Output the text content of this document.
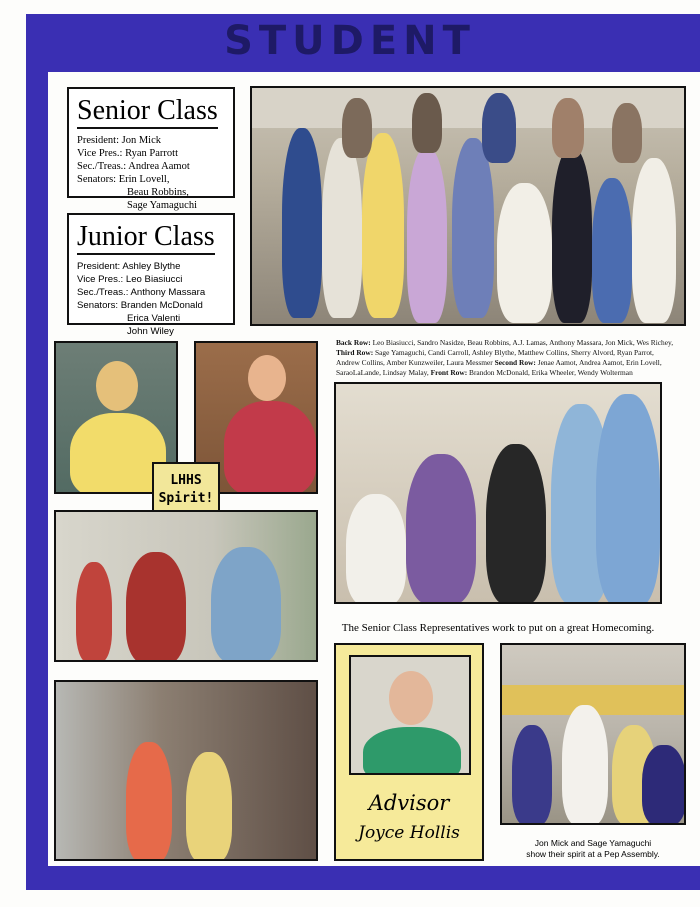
STUDENT
Senior Class
President: Jon Mick
Vice Pres.: Ryan Parrott
Sec./Treas.: Andrea Aamot
Senators: Erin Lovell,
Beau Robbins,
Sage Yamaguchi
Junior Class
President: Ashley Blythe
Vice Pres.: Leo Biasiucci
Sec./Treas.: Anthony Massara
Senators: Branden McDonald
Erica Valenti
John Wiley
Back Row: Leo Biasiucci, Sandro Nasidze, Beau Robbins, A.J. Lamas, Anthony Massara, Jon Mick, Wes Richey, Third Row: Sage Yamaguchi, Candi Carroll, Ashley Blythe, Matthew Collins, Sherry Alvord, Ryan Parrot, Andrew Collins, Amber Kunzweiler, Laura Messmer Second Row: Jenae Aamot, Andrea Aamot, Erin Lovell, SaraoLaLande, Lindsay Malay, Front Row: Brandon McDonald, Erika Wheeler, Wendy Wolterman
LHHS
Spirit!
The Senior Class Representatives work to put on a great Homecoming.
Advisor
Joyce Hollis	Jon Mick and Sage Yamaguchi
show their spirit at a Pep Assembly.
